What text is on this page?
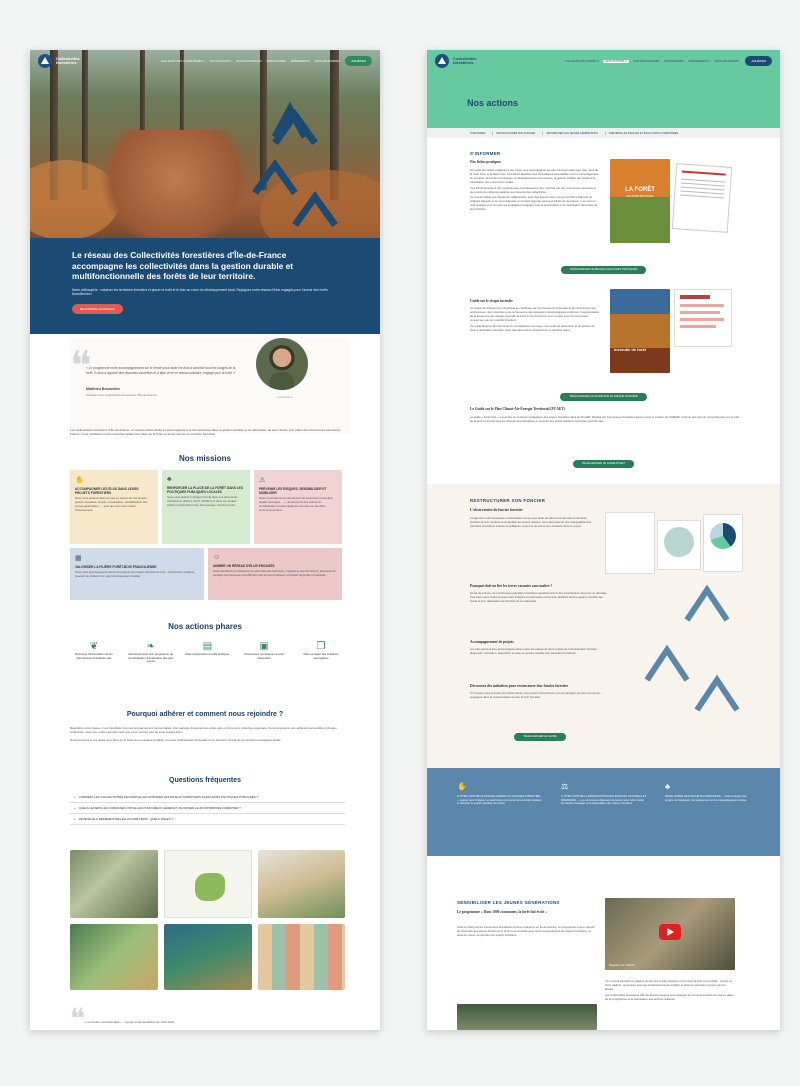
Collectivités forestières	COLLECTIVITÉS FORESTIÈRES ▾ NOS ACTIONS ▾ NOS RESSOURCES PARTENAIRES ÉVÉNEMENTS NOUS REJOINDRE	ADHÉRER
Le réseau des Collectivités forestières d'Île-de-France accompagne les collectivités dans la gestion durable et multifonctionnelle des forêts de leur territoire.

Notre philosophie : valoriser les territoires forestiers et placer la forêt et le bois au cœur du développement local. Rejoignez notre réseau d'élus engagés pour l'avenir des forêts franciliennes !

REJOINDRE LE RÉSEAU
❝
« Le programme notre accompagnement sur le terrain pour aider les élus à concilier tous les usages de la forêt. Il nous a apporté des réponses concrètes et à faire vivre un réseau solidaire, engagé pour la forêt. »
Matthieu Beicamilre
Président des Collectivités forestières d'Île-de-France
Les Présidents
Les Collectivités forestières d'Île-de-France, un réseau d'élus dédié à l'accompagnement des territoires dans la gestion durable et la valorisation de leurs forêts. Aux côtés des Communes forestières France, nous mobilisons notre expertise locale pour faire de la forêt un atout concret du territoire francilien.
Nos missions
✋
ACCOMPAGNER LES ÉLUS DANS LEURS PROJETS FORESTIERS
Nous vous guidons dans la mise en œuvre de vos projets : gestion forestière, foncier, concertation, sensibilisation des jeunes générations, … quel que soit votre niveau d'avancement.
♣
RENFORCER LA PLACE DE LA FORÊT DANS LES POLITIQUES PUBLIQUES LOCALES
Nous vous aidons à intégrer la forêt dans vos documents d'urbanisme (PLU(i), SCoT, PCAET) et dans vos projets publics (construction bois, bois-énergie, circuits courts).
⚠
PRÉVENIR LES RISQUES, SENSIBILISER ET MOBILISER
Nous construisons les démarches de prévention (incendies, dégâts sauvages, …), développons des actions de sensibilisation et accompagnons les élus sur les défis environnementaux.
▦
VALORISER LA FILIÈRE FORÊT-BOIS FRANCILIENNE
Nous vous accompagnons dans l'émergence de projets valorisant le bois : construction publique, réseaux de chaleur bois, approvisionnement durable.
☺
ANIMER UN RÉSEAU D'ÉLUS ENGAGÉS
Nous identifions et valorisons les élus référents forêt-bois, organisons des formations, favorisons le partage d'expériences et la diffusion des bonnes pratiques à l'échelle régionale et nationale.
Nos actions phares
❦
Réunions d'information sur les thématiques forestières clés
❧
Développement d'un programme de sensibilisation à destination des plus jeunes
▤
Mise à disposition d'outils pratiques
▣
Ressources numériques à votre disposition
❐
Mise en avant des initiatives exemplaires
Pourquoi adhérer et comment nous rejoindre ?

Rejoindre notre réseau, c'est bénéficier d'un accompagnement personnalisé, d'un partage d'expériences entre élus et d'une voix collective régionale. Nous proposons une adhésion accessible à chaque collectivité, avec des outils opérationnels que vous mettrez tout de suite à disposition.

Nous sommes à vos côtés pour faire de la forêt une ressource durable, un levier d'attractivité territoriale et un élément central de la transition écologique locale.

Questions fréquentes
+ COMMENT LES COLLECTIVITÉS PEUVENT-ELLES INTÉGRER LES ENJEUX FORESTIERS DANS LEURS POLITIQUES PUBLIQUES ?
+ QUELS LEVIERS LES COMMUNES ONT-ELLES POUR MIEUX GÉRER ET VALORISER LEUR PATRIMOINE FORESTIER ?
+ DEVENIR ÉLU RÉFÉRENT DES ÉLUS FORÊT-BOIS : QUELS RÔLES ?
❝
« Les forêts c'est plus était » - repose et les bénéfices de votre forêt
Collectivités forestières	COLLECTIVITÉS FORÊT ▾	NOS ACTIONS ▾	NOS RESSOURCES PARTENAIRES ÉVÉNEMENTS ▾ NOUS REJOINDRE	ADHÉRER
Nos actions
S'INFORMER	RESTRUCTURER SON FONCIER	SENSIBILISER LES JEUNES GÉNÉRATIONS	PRÉVENIR LES RISQUES ET ÉVOLUTIONS FORESTIÈRES
S'INFORMER
Nos fiches pratiques

Ce guide des fiches pratiques a été conçu pour accompagner les élus forestiers dans leur rôle : droit de la forêt, bois, et la filière bois. Ces fiches abordent des thématiques essentielles comme l'aménagement du territoire, la fonction écologique, le développement économique, la gestion durable des forêts et la valorisation des ressources locales.

Ces fiches proposent une synthèse des connaissances clés, enrichie par des ressources concrètes et des points de référence adaptés aux besoins des collectivités.

Ce recueil reflète une démarche collaborative, avec des acteurs-clés comme les Parcs Naturels du Gâtinais français et du Vexin français, le Conseil régional, ainsi que Fibois Île-de-France. Il se veut un outil pratique pour les élus qui souhaitent s'engager pour la préservation et la valorisation des forêts de leur territoire.

LA FORÊT
EN FICHES PRATIQUES
TÉLÉCHARGER LE RECUEIL DE FICHES PRATIQUES
Guide sur le risque incendie

Le risque de changement climatique se manifeste par une hausse de l'intensité et de l'occurrence des sécheresses, des incendies et de la fréquence des épisodes météorologiques extrêmes. L'augmentation de la fréquence des risques incendie de forêt en Île-de-France est un enjeu pour les communes concernées par les massifs forestiers.

Ce guide apporte des éléments de connaissance du risque, des outils de prévention et de gestion de crise à destination des élus, ainsi que des retours d'expérience et contacts utiles.

Incendie de forêt
TÉLÉCHARGER LE GUIDE SUR LE RISQUE INCENDIE
Le Guide sur le Plan Climat-Air-Énergie Territorial (PCAET)
Le guide « Forêt bois » a pour but de renforcer l'intégration des enjeux forestiers dans les PCAET. Réalisé par Communes forestières France avec le soutien de l'ADEME, il donne des clés de compréhension sur le rôle de la forêt et du bois face au changement climatique et propose des pistes d'actions concrètes pour les élus.
TÉLÉCHARGER LE GUIDE PCAET
RESTRUCTURER SON FONCIER
L'observatoire du foncier forestier
Il s'agit d'un outil numérique et d'animation conçu pour aider les élus à comprendre la structure foncière de leur territoire et à identifier les leviers d'action. Cet outil présente une cartographie des parcelles forestières privées et publiques et permet de suivre leur évolution dans le temps.
Pourquoi doit-on lier les terres vacantes sans maître ?
En Île-de-France, de nombreuses parcelles forestières appartiennent à des propriétaires inconnus ou décédés. Ces biens sans maître peuvent être intégrés au patrimoine communal, facilitant ainsi la gestion durable des forêts et leur valorisation au bénéfice de la collectivité.
Accompagnement de projets
Les élus peuvent être accompagnés dans toutes les étapes de leurs projets de restructuration foncière : diagnostic, animation, acquisition et mise en gestion durable des parcelles forestières.
Découvrez des initiatives pour restructurer leur foncier forestier
À l'occasion des journées de l'observatoire, des retours d'expérience ont été partagés par des communes engagées dans la restructuration de leur foncier forestier.
TÉLÉCHARGER LE GUIDE
✋
LUTTER CONTRE LE MORCELLEMENT DU FONCIER FORESTIER — Agréer pour l'intégrer au patrimoine communal les parcelles boisées et favoriser la gestion durable des forêts.
⚖
LUTTER CONTRE LA DÉGRADATION DES ESPACES NATURELS ET DÉGRADÉS — Les communes disposent de leviers pour lutter contre les dépôts sauvages et la dégradation des milieux forestiers.
♣
DÉVELOPPER DES PROJETS FORESTIERS — Faire émerger des projets de boisement, de reboisement et de renouvellement forestier.
SENSIBILISER LES JEUNES GÉNÉRATIONS
Le programme « Dans 1000 communes, la forêt fait école »
Initié en 2019 par les Communes forestières France et déployé en Île-de-France, ce programme a pour objectif de permettre aux élèves de découvrir la forêt communale avec leurs enseignants et les acteurs forestiers, et ainsi de mieux comprendre les enjeux forestiers.
Regarder sur YouTube

Ce concept éducatif se pratique durant une année scolaire en lien avec la forêt communale : sorties en forêt, ateliers, rencontres avec les professionnels de la filière et actions concrètes menées par les élèves.

Les Collectivités forestières d'Île-de-France peuvent accompagner les communes dans la mise en place de ce programme et la valorisation des actions réalisées.
